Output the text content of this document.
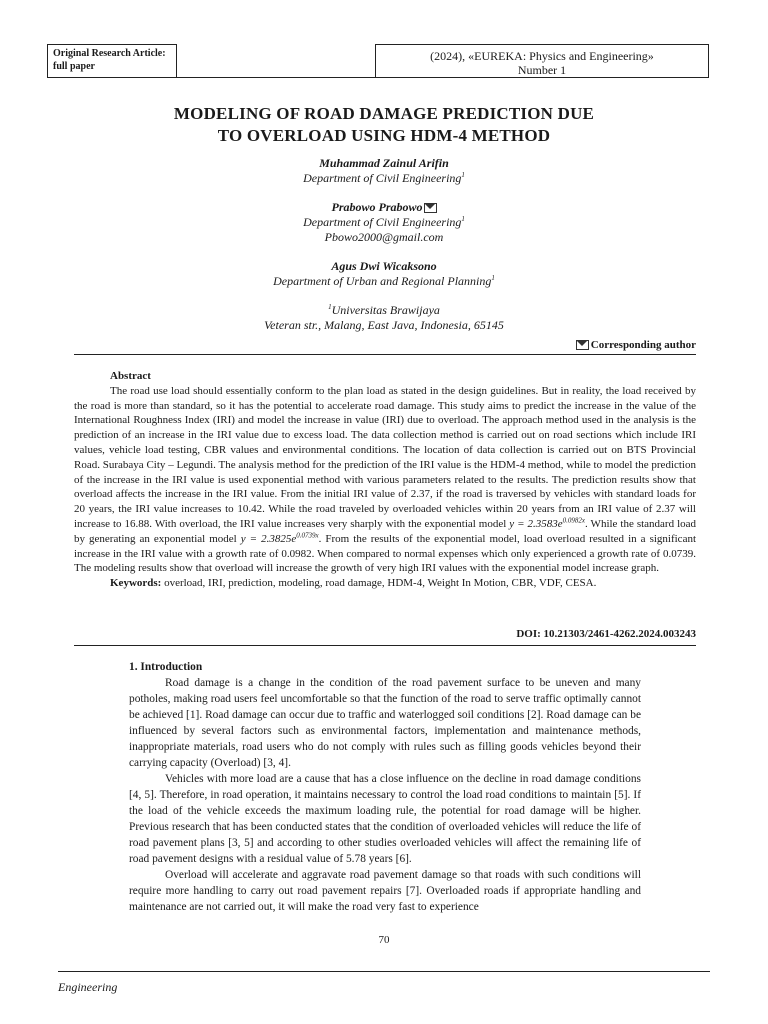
Original Research Article:
full paper
(2024), «EUREKA: Physics and Engineering»
Number 1
MODELING OF ROAD DAMAGE PREDICTION DUE
TO OVERLOAD USING HDM-4 METHOD
Muhammad Zainul Arifin
Department of Civil Engineering$^1$
Prabowo Prabowo
Department of Civil Engineering$^1$
Pbowo2000@gmail.com
Agus Dwi Wicaksono
Department of Urban and Regional Planning$^1$
$^1$Universitas Brawijaya
Veteran str., Malang, East Java, Indonesia, 65145
Corresponding author
Abstract

The road use load should essentially conform to the plan load as stated in the design guidelines. But in reality, the load received by the road is more than standard, so it has the potential to accelerate road damage. This study aims to predict the increase in the value of the International Roughness Index (IRI) and model the increase in value (IRI) due to overload. The approach method used in the analysis is the prediction of an increase in the IRI value due to excess load. The data collection method is carried out on road sections which include IRI values, vehicle load testing, CBR values and environmental conditions. The location of data collection is carried out on BTS Provincial Road. Surabaya City – Legundi. The analysis method for the prediction of the IRI value is the HDM-4 method, while to model the prediction of the increase in the IRI value is used exponential method with various parameters related to the results. The prediction results show that overload affects the increase in the IRI value. From the initial IRI value of 2.37, if the road is traversed by vehicles with standard loads for 20 years, the IRI value increases to 10.42. While the road traveled by overloaded vehicles within 20 years from an IRI value of 2.37 will increase to 16.88. With overload, the IRI value increases very sharply with the exponential model $y = 2.3583e^{0.0982x}$. While the standard load by generating an exponential model $y = 2.3825e^{0.0739x}$. From the results of the exponential model, load overload resulted in a significant increase in the IRI value with a growth rate of 0.0982. When compared to normal expenses which only experienced a growth rate of 0.0739. The modeling results show that overload will increase the growth of very high IRI values with the exponential model increase graph.

Keywords: overload, IRI, prediction, modeling, road damage, HDM-4, Weight In Motion, CBR, VDF, CESA.

DOI: 10.21303/2461-4262.2024.003243
1. Introduction

Road damage is a change in the condition of the road pavement surface to be uneven and many potholes, making road users feel uncomfortable so that the function of the road to serve traffic optimally cannot be achieved [1]. Road damage can occur due to traffic and waterlogged soil conditions [2]. Road damage can be influenced by several factors such as environmental factors, implementation and maintenance methods, inappropriate materials, road users who do not comply with rules such as filling goods vehicles beyond their carrying capacity (Overload) [3, 4].

Vehicles with more load are a cause that has a close influence on the decline in road damage conditions [4, 5]. Therefore, in road operation, it maintains necessary to control the load road conditions to maintain [5]. If the load of the vehicle exceeds the maximum loading rule, the potential for road damage will be higher. Previous research that has been conducted states that the condition of overloaded vehicles will reduce the life of road pavement plans [3, 5] and according to other studies overloaded vehicles will affect the remaining life of road pavement designs with a residual value of 5.78 years [6].

Overload will accelerate and aggravate road pavement damage so that roads with such conditions will require more handling to carry out road pavement repairs [7]. Overloaded roads if appropriate handling and maintenance are not carried out, it will make the road very fast to experience

70
Engineering
